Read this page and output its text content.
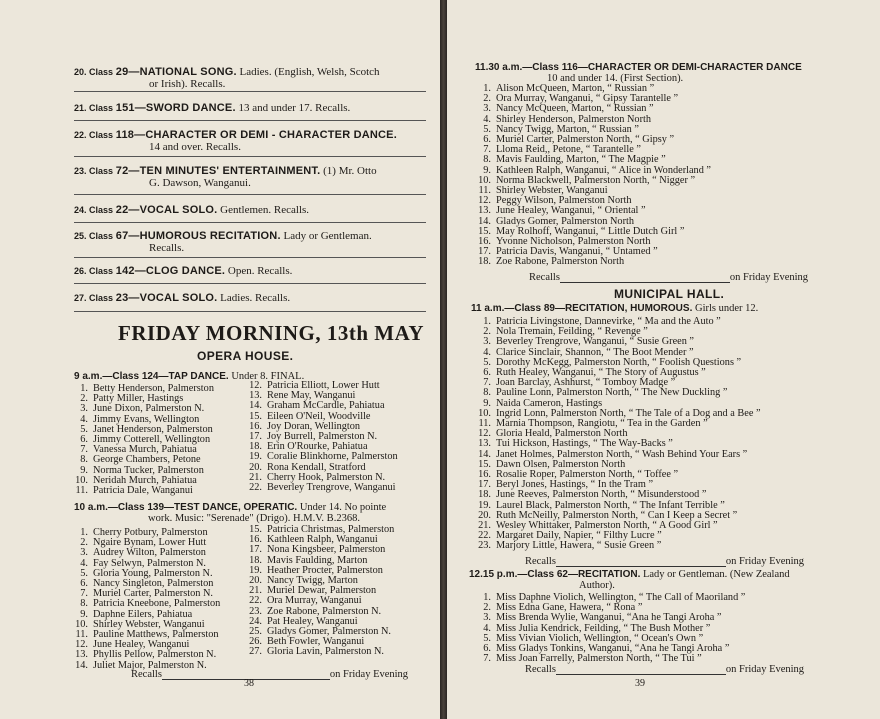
20. Class 29—NATIONAL SONG. Ladies. (English, Welsh, Scotch
or Irish). Recalls.
21. Class 151—SWORD DANCE. 13 and under 17. Recalls.
22. Class 118—CHARACTER OR DEMI - CHARACTER DANCE.
14 and over. Recalls.
23. Class 72—TEN MINUTES' ENTERTAINMENT. (1) Mr. Otto
G. Dawson, Wanganui.
24. Class 22—VOCAL SOLO. Gentlemen. Recalls.
25. Class 67—HUMOROUS RECITATION. Lady or Gentleman.
Recalls.
26. Class 142—CLOG DANCE. Open. Recalls.
27. Class 23—VOCAL SOLO. Ladies. Recalls.
FRIDAY MORNING, 13th MAY
OPERA HOUSE.
9 a.m.—Class 124—TAP DANCE. Under 8. FINAL.
1. Betty Henderson, Palmerston
2. Patty Miller, Hastings
3. June Dixon, Palmerston N.
4. Jimmy Evans, Wellington
5. Janet Henderson, Palmerston
6. Jimmy Cotterell, Wellington
7. Vanessa Murch, Pahiatua
8. George Chambers, Petone
9. Norma Tucker, Palmerston
10. Neridah Murch, Pahiatua
11. Patricia Dale, Wanganui
12. Patricia Elliott, Lower Hutt
13. Rene May, Wanganui
14. Graham McCardle, Pahiatua
15. Eileen O'Neil, Woodville
16. Joy Doran, Wellington
17. Joy Burrell, Palmerston N.
18. Erin O'Rourke, Pahiatua
19. Coralie Blinkhorne, Palmerston
20. Rona Kendall, Stratford
21. Cherry Hook, Palmerston N.
22. Beverley Trengrove, Wanganui
10 a.m.—Class 139—TEST DANCE, OPERATIC. Under 14. No pointe
work. Music: "Serenade" (Drigo). H.M.V. B.2368.
1. Cherry Potbury, Palmerston
2. Ngaire Bynam, Lower Hutt
3. Audrey Wilton, Palmerston
4. Fay Selwyn, Palmerston N.
5. Gloria Young, Palmerston N.
6. Nancy Singleton, Palmerston
7. Muriel Carter, Palmerston N.
8. Patricia Kneebone, Palmerston
9. Daphne Eilers, Pahiatua
10. Shirley Webster, Wanganui
11. Pauline Matthews, Palmerston
12. June Healey, Wanganui
13. Phyllis Pellow, Palmerston N.
14. Juliet Major, Palmerston N.
15. Patricia Christmas, Palmerston
16. Kathleen Ralph, Wanganui
17. Nona Kingsbeer, Palmerston
18. Mavis Faulding, Marton
19. Heather Procter, Palmerston
20. Nancy Twigg, Marton
21. Muriel Dewar, Palmerston
22. Ora Murray, Wanganui
23. Zoe Rabone, Palmerston N.
24. Pat Healey, Wanganui
25. Gladys Gomer, Palmerston N.
26. Beth Fowler, Wanganui
27. Gloria Lavin, Palmerston N.
Recalls	on Friday Evening
38
11.30 a.m.—Class 116—CHARACTER OR DEMI-CHARACTER DANCE
10 and under 14. (First Section).
1. Alison McQueen, Marton, “ Russian ”
2. Ora Murray, Wanganui, “ Gipsy Tarantelle ”
3. Nancy McQueen, Marton, “ Russian ”
4. Shirley Henderson, Palmerston North
5. Nancy Twigg, Marton, “ Russian ”
6. Muriel Carter, Palmerston North, “ Gipsy ”
7. Lloma Reid,, Petone, “ Tarantelle ”
8. Mavis Faulding, Marton, “ The Magpie ”
9. Kathleen Ralph, Wanganui, “ Alice in Wonderland ”
10. Norma Blackwell, Palmerston North, “ Nigger ”
11. Shirley Webster, Wanganui
12. Peggy Wilson, Palmerston North
13. June Healey, Wanganui, “ Oriental ”
14. Gladys Gomer, Palmerston North
15. May Rolhoff, Wanganui, “ Little Dutch Girl ”
16. Yvonne Nicholson, Palmerston North
17. Patricia Davis, Wanganui, “ Untamed ”
18. Zoe Rabone, Palmerston North
Recalls	on Friday Evening
MUNICIPAL HALL.
11 a.m.—Class 89—RECITATION, HUMOROUS. Girls under 12.
1. Patricia Livingstone, Dannevirke, “ Ma and the Auto ”
2. Nola Tremain, Feilding, “ Revenge ”
3. Beverley Trengrove, Wanganui, “ Susie Green ”
4. Clarice Sinclair, Shannon, “ The Boot Mender ”
5. Dorothy McKegg, Palmerston North, “ Foolish Questions ”
6. Ruth Healey, Wanganui, “ The Story of Augustus ”
7. Joan Barclay, Ashhurst, “ Tomboy Madge ”
8. Pauline Lonn, Palmerston North, “ The New Duckling ”
9. Naida Cameron, Hastings
10. Ingrid Lonn, Palmerston North, “ The Tale of a Dog and a Bee ”
11. Marnia Thompson, Rangiotu, “ Tea in the Garden ”
12. Gloria Heald, Palmerston North
13. Tui Hickson, Hastings, “ The Way-Backs ”
14. Janet Holmes, Palmerston North, “ Wash Behind Your Ears ”
15. Dawn Olsen, Palmerston North
16. Rosalie Roper, Palmerston North, “ Toffee ”
17. Beryl Jones, Hastings, “ In the Tram ”
18. June Reeves, Palmerston North, “ Misunderstood ”
19. Laurel Black, Palmerston North, “ The Infant Terrible ”
20. Ruth McNeilly, Palmerston North, “ Can I Keep a Secret ”
21. Wesley Whittaker, Palmerston North, “ A Good Girl ”
22. Margaret Daily, Napier, “ Filthy Lucre ”
23. Marjory Little, Hawera, “ Susie Green ”
Recalls	on Friday Evening
12.15 p.m.—Class 62—RECITATION. Lady or Gentleman. (New Zealand
Author).
1. Miss Daphne Violich, Wellington, “ The Call of Maoriland ”
2. Miss Edna Gane, Hawera, “ Rona ”
3. Miss Brenda Wylie, Wanganui, “Ana he Tangi Aroha ”
4. Miss Julia Kendrick, Feilding, “ The Bush Mother ”
5. Miss Vivian Violich, Wellington, “ Ocean's Own ”
6. Miss Gladys Tonkins, Wanganui, “Ana he Tangi Aroha ”
7. Miss Joan Farrelly, Palmerston North, “ The Tui ”
Recalls	on Friday Evening
39
